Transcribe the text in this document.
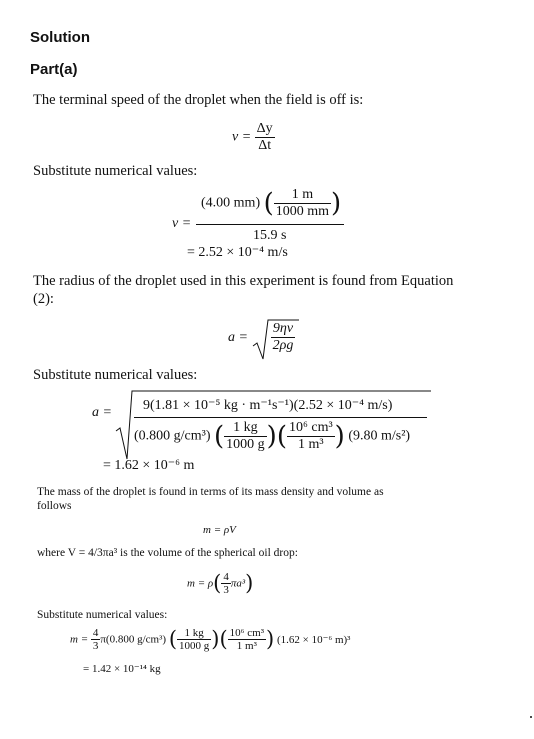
Solution
Part(a)
The terminal speed of the droplet when the field is off is:
$v = \frac{\Delta y}{\Delta t}$
Substitute numerical values:
(4.00 mm) ( $\frac{1 m}{1000 mm}$ )
v =
15.9 s
= 2.52 × 10⁻⁴ m/s
The radius of the droplet used in this experiment is found from Equation
(2):
$a = \frac{9\eta v}{2\rho g}$
Substitute numerical values:
a = 9(1.81 × 10⁻⁵ kg · m⁻¹s⁻¹)(2.52 × 10⁻⁴ m/s)
(0.800 g/cm³) ( $\frac{1 kg}{1000 g}$ )( $\frac{\text{10⁶ cm³}}{\text{1 m³}}$ ) (9.80 m/s²)
= 1.62 × 10⁻⁶ m
The mass of the droplet is found in terms of its mass density and volume as
follows
m = ρV
where V = 4/3πa³ is the volume of the spherical oil drop:
$m = \rho( \frac{4}{3} \pi a^3)$
Substitute numerical values:
$m = \frac{4}{3} \pi(0.800$ g/cm³) ( $\frac{1 kg}{1000 g}$ )( $\frac{\text{10⁶ cm³}}{\text{1 m³}}$ ) (1.62 × 10⁻⁶ m)³
= 1.42 × 10⁻¹⁴ kg
